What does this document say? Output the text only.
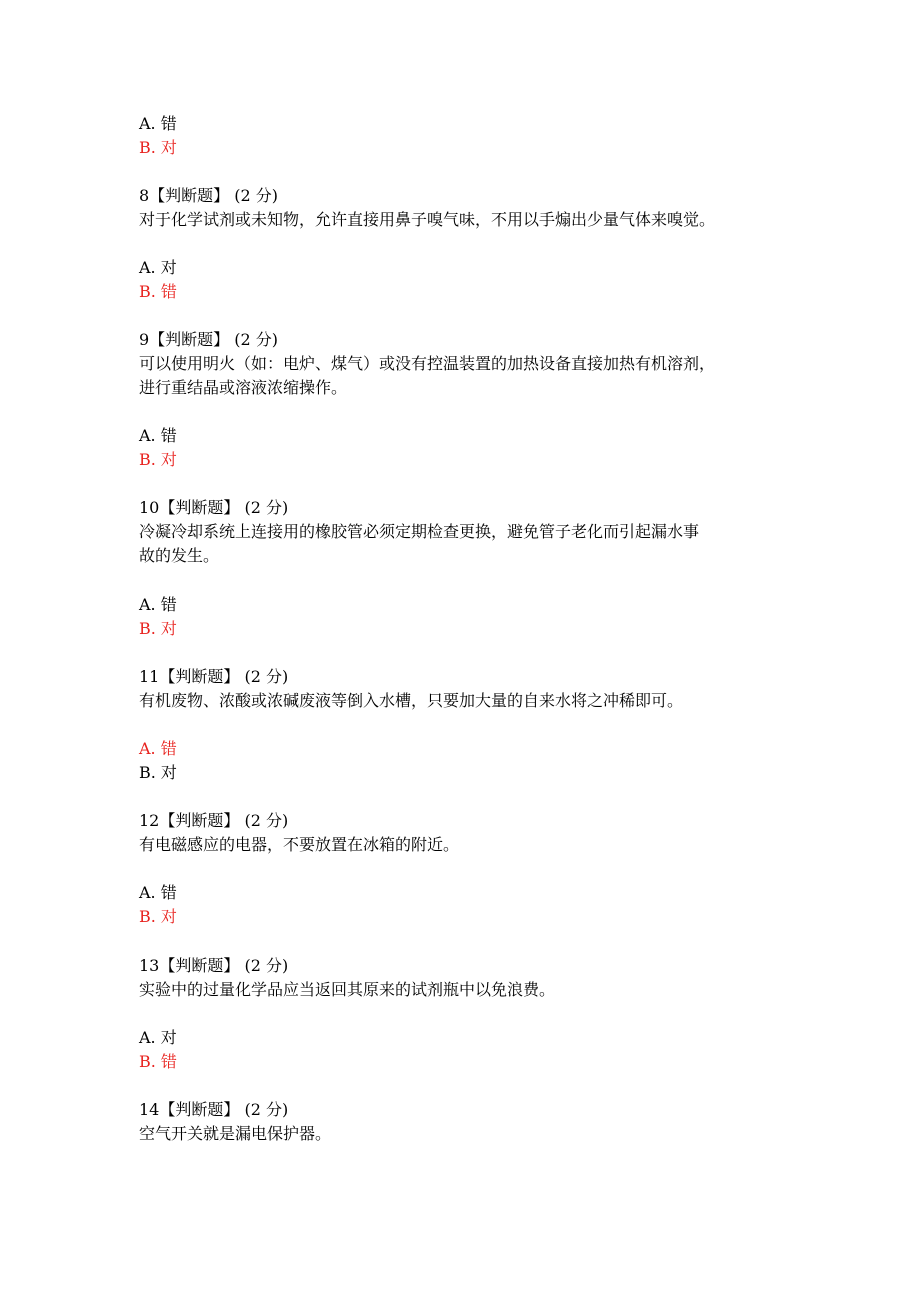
A. 错
B. 对
8【判断题】 (2 分)
对于化学试剂或未知物，允许直接用鼻子嗅气味，不用以手煽出少量气体来嗅觉。
A. 对
B. 错
9【判断题】 (2 分)
可以使用明火（如：电炉、煤气）或没有控温装置的加热设备直接加热有机溶剂，
进行重结晶或溶液浓缩操作。
A. 错
B. 对
10【判断题】 (2 分)
冷凝冷却系统上连接用的橡胶管必须定期检查更换，避免管子老化而引起漏水事
故的发生。
A. 错
B. 对
11【判断题】 (2 分)
有机废物、浓酸或浓碱废液等倒入水槽，只要加大量的自来水将之冲稀即可。
A. 错
B. 对
12【判断题】 (2 分)
有电磁感应的电器，不要放置在冰箱的附近。
A. 错
B. 对
13【判断题】 (2 分)
实验中的过量化学品应当返回其原来的试剂瓶中以免浪费。
A. 对
B. 错
14【判断题】 (2 分)
空气开关就是漏电保护器。
